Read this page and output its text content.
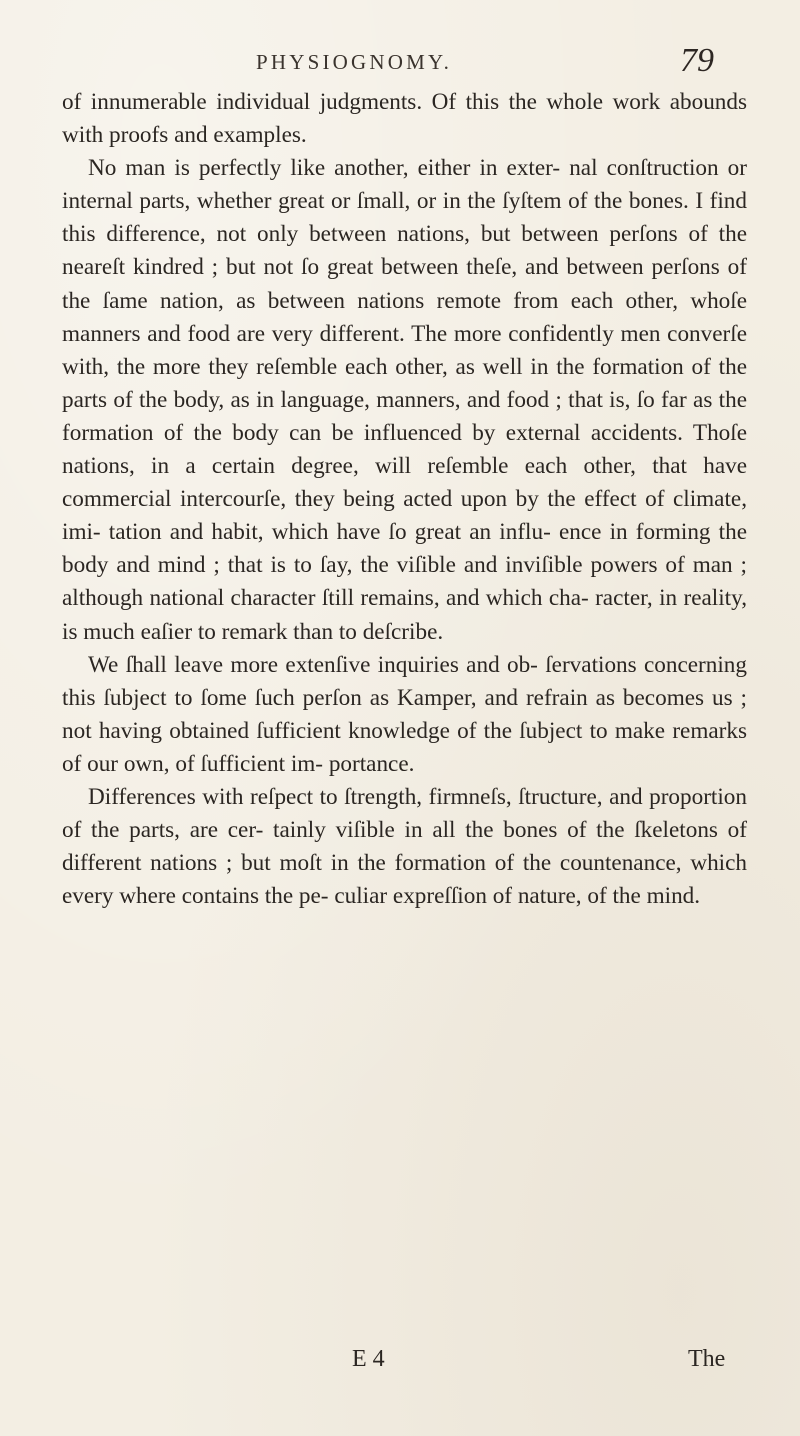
PHYSIOGNOMY.	79

of innumerable individual judgments. Of this the whole work abounds with proofs and examples.

No man is perfectly like another, either in exter- nal conſtruction or internal parts, whether great or ſmall, or in the ſyſtem of the bones. I find this difference, not only between nations, but between perſons of the neareſt kindred ; but not ſo great between theſe, and between perſons of the ſame nation, as between nations remote from each other, whoſe manners and food are very different. The more confidently men converſe with, the more they reſemble each other, as well in the formation of the parts of the body, as in language, manners, and food ; that is, ſo far as the formation of the body can be influenced by external accidents. Thoſe nations, in a certain degree, will reſemble each other, that have commercial intercourſe, they being acted upon by the effect of climate, imi- tation and habit, which have ſo great an influ- ence in forming the body and mind ; that is to ſay, the viſible and inviſible powers of man ; although national character ſtill remains, and which cha- racter, in reality, is much eaſier to remark than to deſcribe.

We ſhall leave more extenſive inquiries and ob- ſervations concerning this ſubject to ſome ſuch perſon as Kamper, and refrain as becomes us ; not having obtained ſufficient knowledge of the ſubject to make remarks of our own, of ſufficient im- portance.

Differences with reſpect to ſtrength, firmneſs, ſtructure, and proportion of the parts, are cer- tainly viſible in all the bones of the ſkeletons of different nations ; but moſt in the formation of the countenance, which every where contains the pe- culiar expreſſion of nature, of the mind.

E 4	The
